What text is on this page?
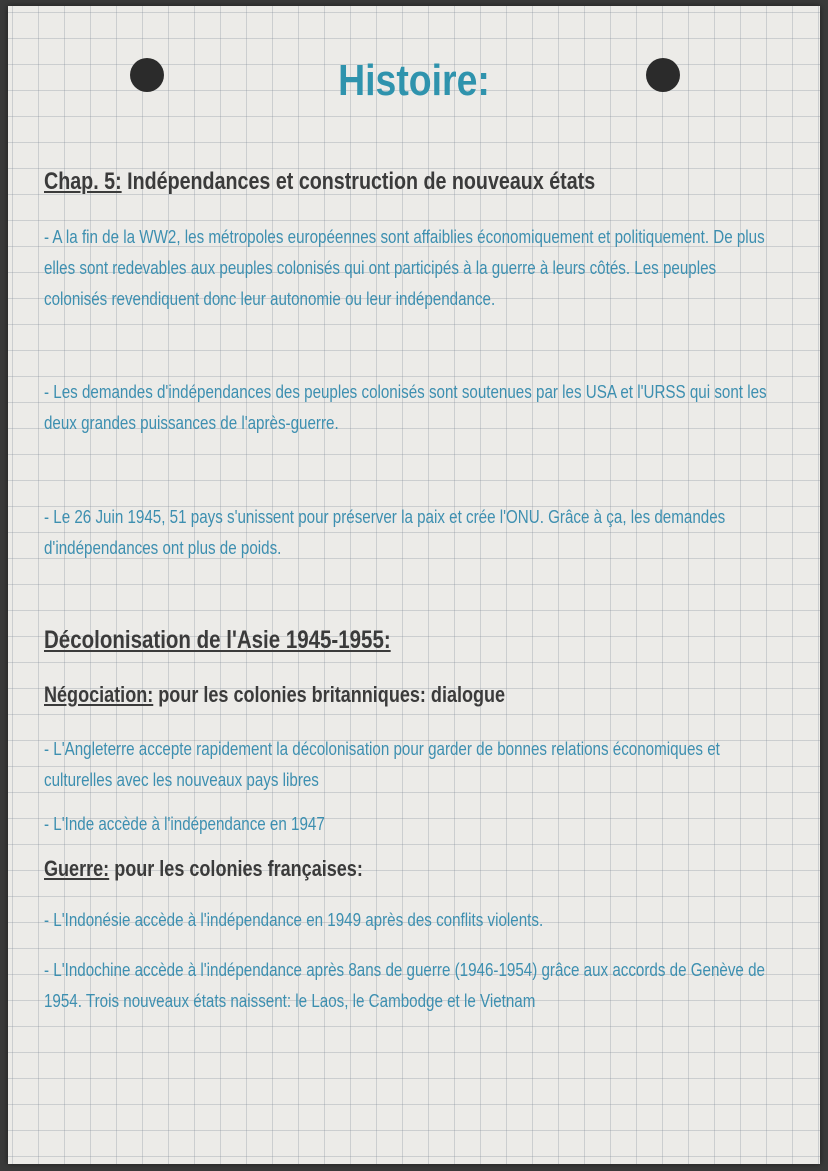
Histoire:
Chap. 5: Indépendances et construction de nouveaux états
- A la fin de la WW2, les métropoles européennes sont affaiblies économiquement et politiquement. De plus elles sont redevables aux peuples colonisés qui ont participés à la guerre à leurs côtés. Les peuples colonisés revendiquent donc leur autonomie ou leur indépendance.
- Les demandes d'indépendances des peuples colonisés sont soutenues par les USA et l'URSS qui sont les deux grandes puissances de l'après-guerre.
- Le 26 Juin 1945, 51 pays s'unissent pour préserver la paix et crée l'ONU. Grâce à ça, les demandes d'indépendances ont plus de poids.
Décolonisation de l'Asie 1945-1955:
Négociation: pour les colonies britanniques: dialogue
- L'Angleterre accepte rapidement la décolonisation pour garder de bonnes relations économiques et culturelles avec les nouveaux pays libres
- L'Inde accède à l'indépendance en 1947
Guerre: pour les colonies françaises:
- L'Indonésie accède à l'indépendance en 1949 après des conflits violents.
- L'Indochine accède à l'indépendance après 8ans de guerre (1946-1954) grâce aux accords de Genève de 1954. Trois nouveaux états naissent: le Laos, le Cambodge et le Vietnam
